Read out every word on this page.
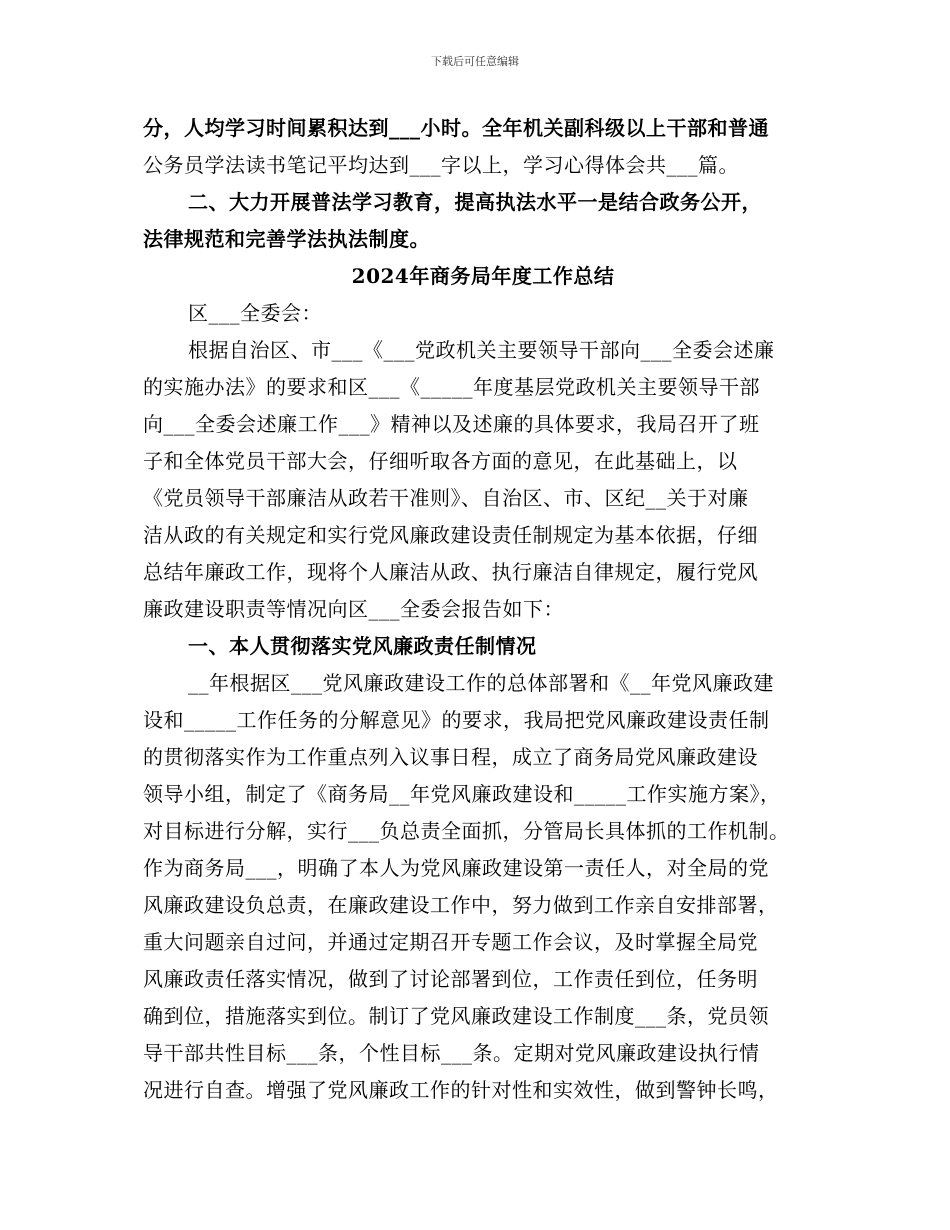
下载后可任意编辑

分，人均学习时间累积达到___小时。全年机关副科级以上干部和普通

公务员学法读书笔记平均达到___字以上，学习心得体会共___篇。

二、大力开展普法学习教育，提高执法水平一是结合政务公开，

法律规范和完善学法执法制度。

2024年商务局年度工作总结

区___全委会：

根据自治区、市___《___党政机关主要领导干部向___全委会述廉

的实施办法》的要求和区___《_____年度基层党政机关主要领导干部

向___全委会述廉工作___》精神以及述廉的具体要求，我局召开了班

子和全体党员干部大会，仔细听取各方面的意见，在此基础上，以

《党员领导干部廉洁从政若干准则》、自治区、市、区纪__关于对廉

洁从政的有关规定和实行党风廉政建设责任制规定为基本依据，仔细

总结年廉政工作，现将个人廉洁从政、执行廉洁自律规定，履行党风

廉政建设职责等情况向区___全委会报告如下：

一、本人贯彻落实党风廉政责任制情况

__年根据区___党风廉政建设工作的总体部署和《__年党风廉政建

设和_____工作任务的分解意见》的要求，我局把党风廉政建设责任制

的贯彻落实作为工作重点列入议事日程，成立了商务局党风廉政建设

领导小组，制定了《商务局__年党风廉政建设和_____工作实施方案》，

对目标进行分解，实行___负总责全面抓，分管局长具体抓的工作机制。

作为商务局___，明确了本人为党风廉政建设第一责任人，对全局的党

风廉政建设负总责，在廉政建设工作中，努力做到工作亲自安排部署，

重大问题亲自过问，并通过定期召开专题工作会议，及时掌握全局党

风廉政责任落实情况，做到了讨论部署到位，工作责任到位，任务明

确到位，措施落实到位。制订了党风廉政建设工作制度___条，党员领

导干部共性目标___条，个性目标___条。定期对党风廉政建设执行情

况进行自查。增强了党风廉政工作的针对性和实效性，做到警钟长鸣，
